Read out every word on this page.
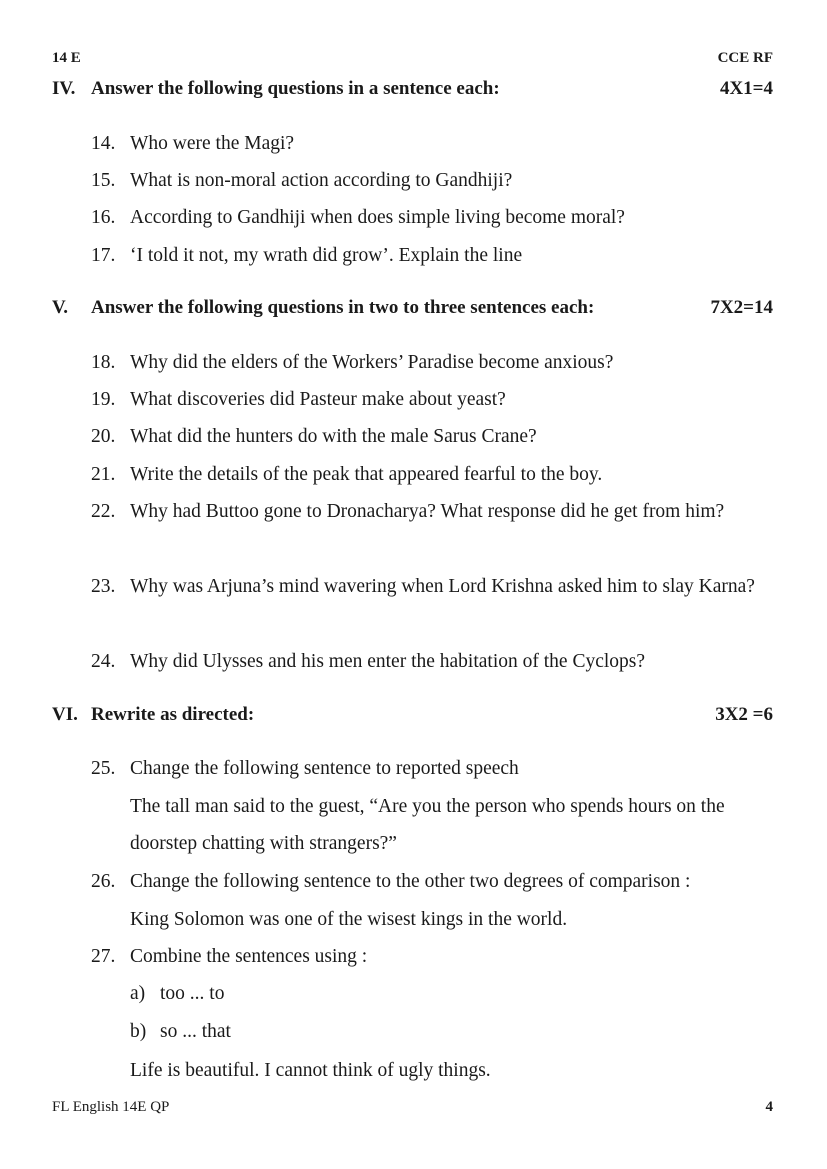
14 E	CCE RF
IV. Answer the following questions in a sentence each:	4X1=4
14. Who were the Magi?
15. What is non-moral action according to Gandhiji?
16. According to Gandhiji when does simple living become moral?
17. ‘I told it not, my wrath did grow’. Explain the line
V. Answer the following questions in two to three sentences each:	7X2=14
18. Why did the elders of the Workers’ Paradise become anxious?
19. What discoveries did Pasteur make about yeast?
20. What did the hunters do with the male Sarus Crane?
21. Write the details of the peak that appeared fearful to the boy.
22. Why had Buttoo gone to Dronacharya? What response did he get from him?
23. Why was Arjuna’s mind wavering when Lord Krishna asked him to slay Karna?
24. Why did Ulysses and his men enter the habitation of the Cyclops?
VI. Rewrite as directed:	3X2 =6
25. Change the following sentence to reported speech
The tall man said to the guest, “Are you the person who spends hours on the doorstep chatting with strangers?”
26. Change the following sentence to the other two degrees of comparison :
King Solomon was one of the wisest kings in the world.
27. Combine the sentences using :
a) too ... to
b) so ... that
Life is beautiful. I cannot think of ugly things.
FL English 14E QP	4
